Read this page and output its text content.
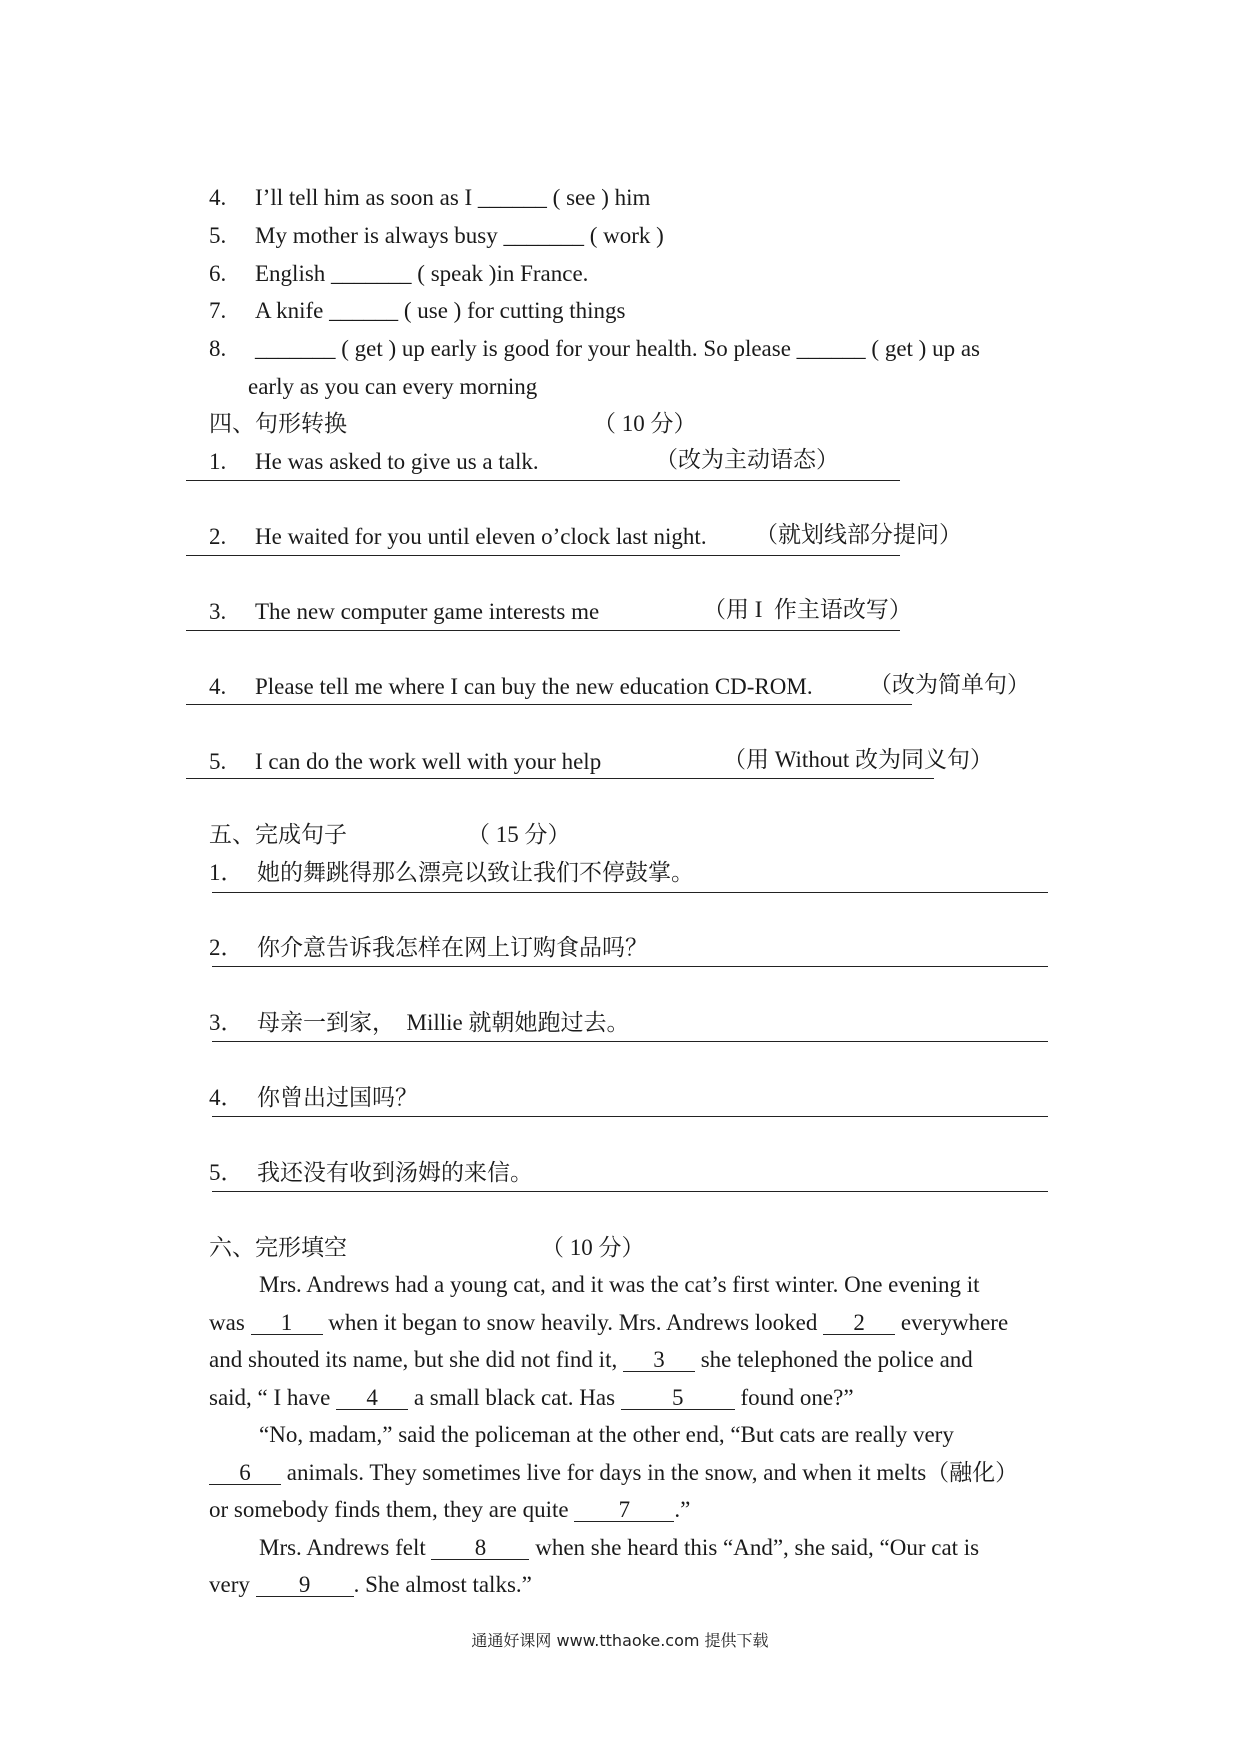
4. I’ll tell him as soon as I ______ ( see ) him

5. My mother is always busy _______ ( work )

6. English _______ ( speak )in France.

7. A knife ______ ( use ) for cutting things

8. _______ ( get ) up early is good for your health. So please ______ ( get ) up as

early as you can every morning

四、句形转换
	（ 10 分）

1. He was asked to give us a talk.
	（改为主动语态）

2. He waited for you until eleven o’clock last night.
	（就划线部分提问）

3. The new computer game interests me
	（用 I  作主语改写）

4. Please tell me where I can buy the new education CD-ROM.
	（改为简单句）

5. I can do the work well with your help
	（用 Without 改为同义句）

五、完成句子
	（ 15 分）

1． 她的舞跳得那么漂亮以致让我们不停鼓掌。

2． 你介意告诉我怎样在网上订购食品吗？

3． 母亲一到家，  Millie 就朝她跑过去。

4． 你曾出过国吗？

5． 我还没有收到汤姆的来信。

六、完形填空
	（ 10 分）

Mrs. Andrews had a young cat, and it was the cat’s first winter. One evening it

was 1 when it began to snow heavily. Mrs. Andrews looked 2 everywhere

and shouted its name, but she did not find it, 3 she telephoned the police and

said, “ I have 4 a small black cat. Has 5 found one?”

“No, madam,” said the policeman at the other end, “But cats are really very

6 animals. They sometimes live for days in the snow, and when it melts（融化）

or somebody finds them, they are quite 7 .”

Mrs. Andrews felt 8 when she heard this “And”, she said, “Our cat is

very 9 . She almost talks.”

通通好课网 www.tthaoke.com 提供下载
